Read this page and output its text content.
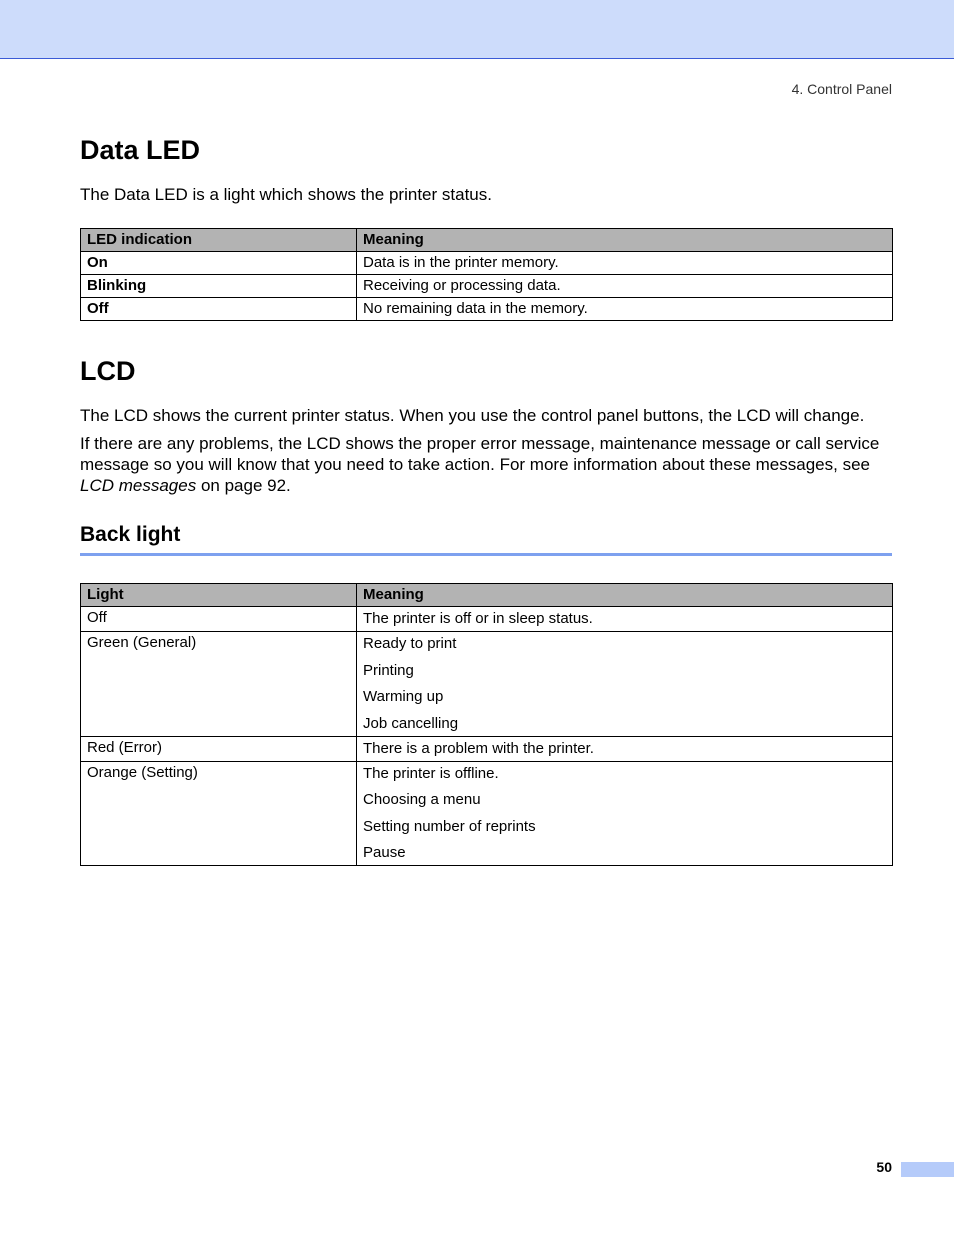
4. Control Panel
Data LED

The Data LED is a light which shows the printer status.

LED indication	Meaning
On	Data is in the printer memory.
Blinking	Receiving or processing data.
Off	No remaining data in the memory.
LCD

The LCD shows the current printer status. When you use the control panel buttons, the LCD will change.

If there are any problems, the LCD shows the proper error message, maintenance message or call service message so you will know that you need to take action. For more information about these messages, see LCD messages on page 92.

Back light
Light	Meaning
Off	The printer is off or in sleep status.

Green (General)	Ready to print
Printing
Warming up
Job cancelling

Red (Error)	There is a problem with the printer.

Orange (Setting)	The printer is offline.
Choosing a menu
Setting number of reprints
Pause
50
